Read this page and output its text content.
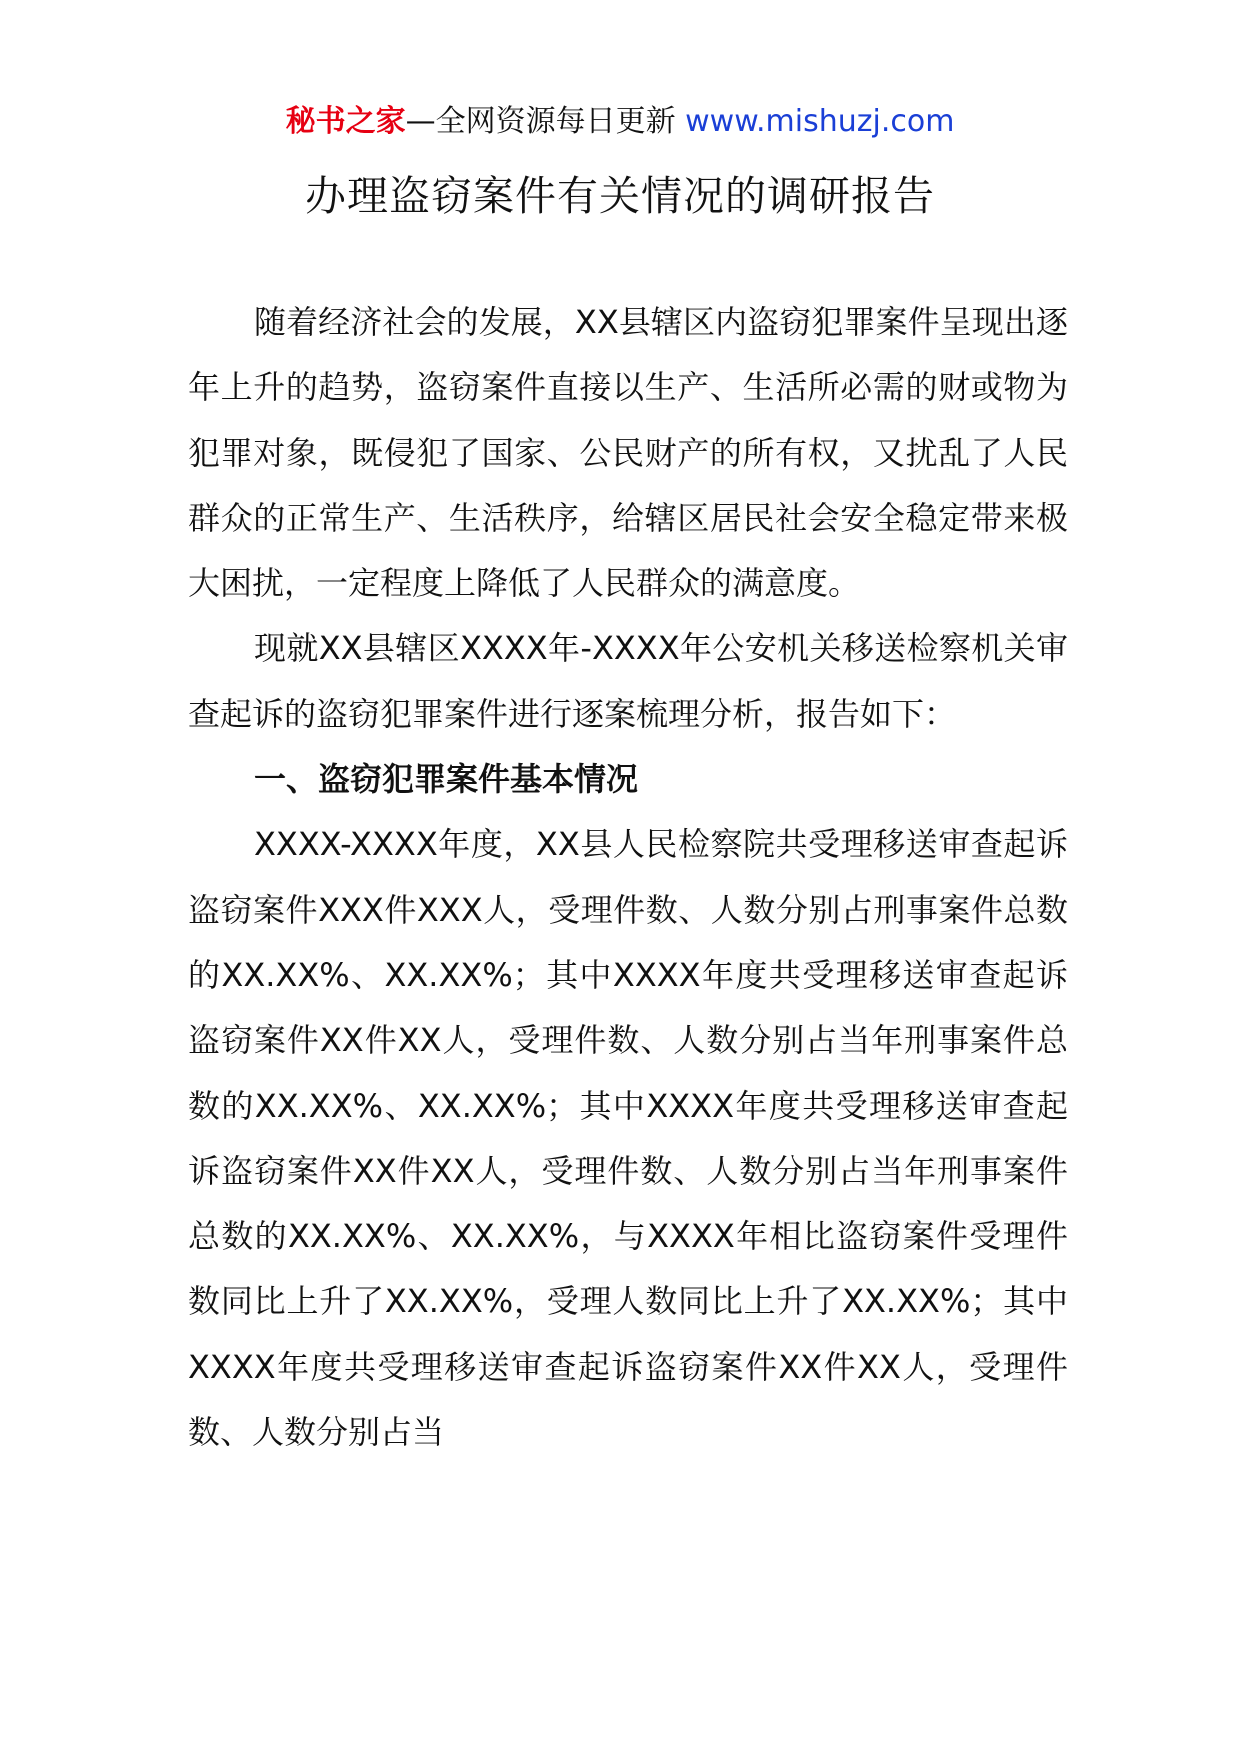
秘书之家—全网资源每日更新 www.mishuzj.com
办理盗窃案件有关情况的调研报告

随着经济社会的发展，XX县辖区内盗窃犯罪案件呈现出逐年上升的趋势，盗窃案件直接以生产、生活所必需的财或物为犯罪对象，既侵犯了国家、公民财产的所有权，又扰乱了人民群众的正常生产、生活秩序，给辖区居民社会安全稳定带来极大困扰，一定程度上降低了人民群众的满意度。

现就XX县辖区XXXX年-XXXX年公安机关移送检察机关审查起诉的盗窃犯罪案件进行逐案梳理分析，报告如下：

一、盗窃犯罪案件基本情况

XXXX-XXXX年度，XX县人民检察院共受理移送审查起诉盗窃案件XXX件XXX人，受理件数、人数分别占刑事案件总数的XX.XX%、XX.XX%；其中XXXX年度共受理移送审查起诉盗窃案件XX件XX人，受理件数、人数分别占当年刑事案件总数的XX.XX%、XX.XX%；其中XXXX年度共受理移送审查起诉盗窃案件XX件XX人，受理件数、人数分别占当年刑事案件总数的XX.XX%、XX.XX%，与XXXX年相比盗窃案件受理件数同比上升了XX.XX%，受理人数同比上升了XX.XX%；其中XXXX年度共受理移送审查起诉盗窃案件XX件XX人，受理件数、人数分别占当
